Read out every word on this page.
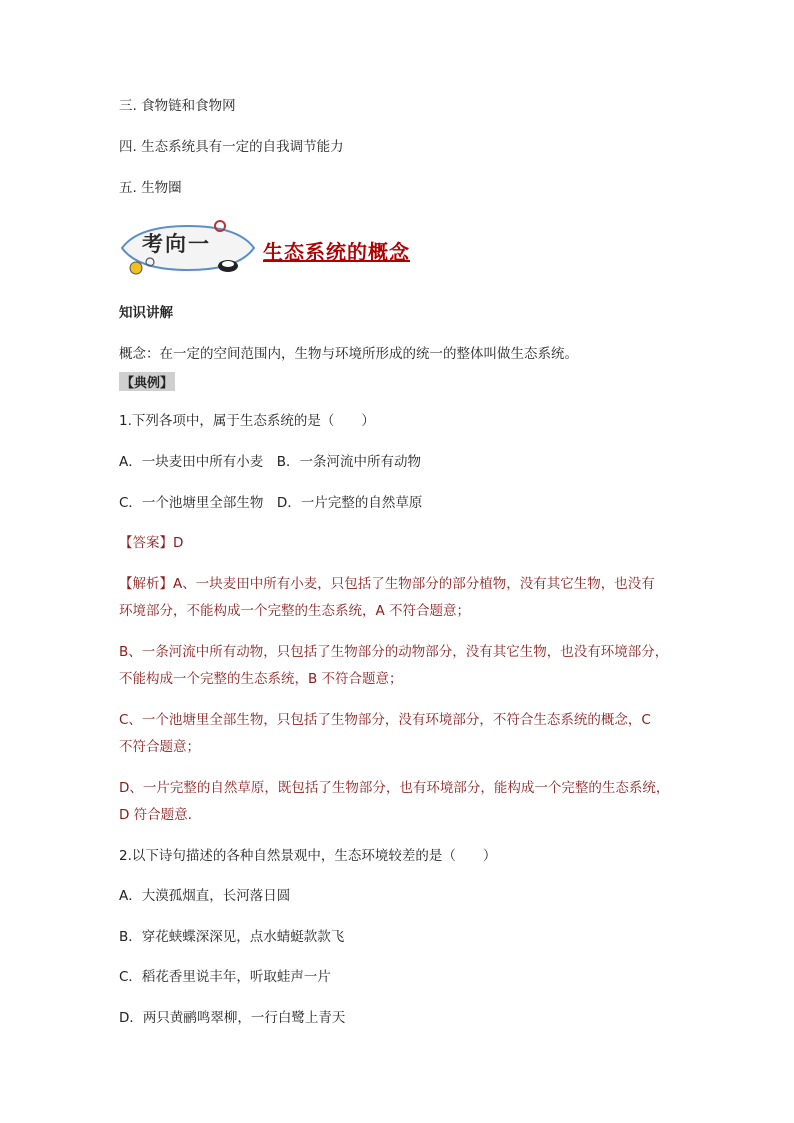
三. 食物链和食物网
四. 生态系统具有一定的自我调节能力
五. 生物圈
考向一	生态系统的概念
知识讲解
概念：在一定的空间范围内，生物与环境所形成的统一的整体叫做生态系统。
【典例】
1.下列各项中，属于生态系统的是（　　）
A．一块麦田中所有小麦　B．一条河流中所有动物
C．一个池塘里全部生物　D．一片完整的自然草原
【答案】D
【解析】A、一块麦田中所有小麦，只包括了生物部分的部分植物，没有其它生物，也没有
环境部分，不能构成一个完整的生态系统，A 不符合题意；
B、一条河流中所有动物，只包括了生物部分的动物部分，没有其它生物，也没有环境部分，
不能构成一个完整的生态系统，B 不符合题意；
C、一个池塘里全部生物，只包括了生物部分，没有环境部分，不符合生态系统的概念，C
不符合题意；
D、一片完整的自然草原，既包括了生物部分，也有环境部分，能构成一个完整的生态系统，
D 符合题意.
2.以下诗句描述的各种自然景观中，生态环境较差的是（　　）
A．大漠孤烟直，长河落日圆
B．穿花蛱蝶深深见，点水蜻蜓款款飞
C．稻花香里说丰年，听取蛙声一片
D．两只黄鹂鸣翠柳，一行白鹭上青天
